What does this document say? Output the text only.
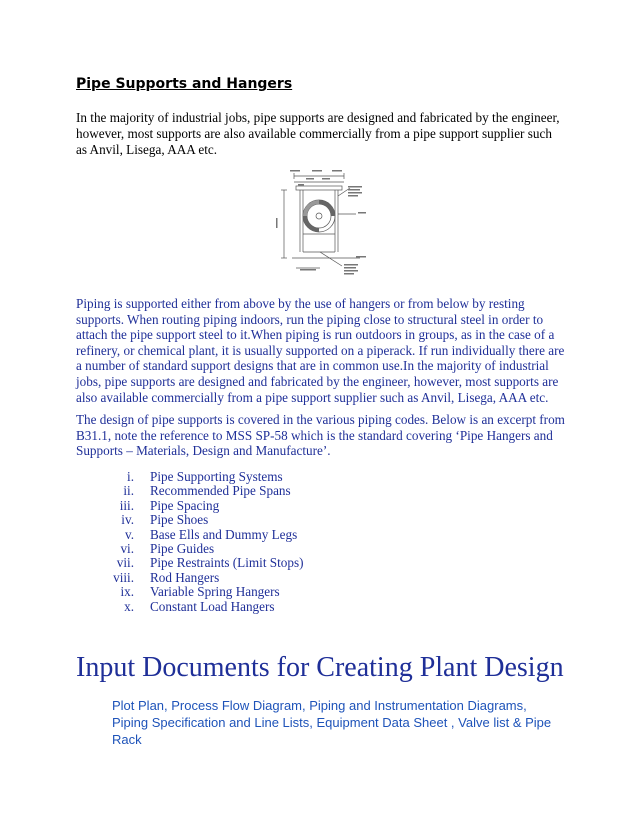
Pipe Supports and Hangers

In the majority of industrial jobs, pipe supports are designed and fabricated by the engineer, however, most supports are also available commercially from a pipe support supplier such as Anvil, Lisega, AAA etc.

Piping is supported either from above by the use of hangers or from below by resting supports. When routing piping indoors, run the piping close to structural steel in order to attach the pipe support steel to it.When piping is run outdoors in groups, as in the case of a refinery, or chemical plant, it is usually supported on a piperack. If run individually there are a number of standard support designs that are in common use.In the majority of industrial jobs, pipe supports are designed and fabricated by the engineer, however, most supports are also available commercially from a pipe support supplier such as Anvil, Lisega, AAA etc.

The design of pipe supports is covered in the various piping codes. Below is an excerpt from B31.1, note the reference to MSS SP-58 which is the standard covering ‘Pipe Hangers and Supports – Materials, Design and Manufacture’.

i. Pipe Supporting Systems
ii. Recommended Pipe Spans
iii. Pipe Spacing
iv. Pipe Shoes
v. Base Ells and Dummy Legs
vi. Pipe Guides
vii. Pipe Restraints (Limit Stops)
viii. Rod Hangers
ix. Variable Spring Hangers
x. Constant Load Hangers
Input Documents for Creating Plant Design

Plot Plan, Process Flow Diagram, Piping and Instrumentation Diagrams, Piping Specification and Line Lists, Equipment Data Sheet , Valve list & Pipe Rack
